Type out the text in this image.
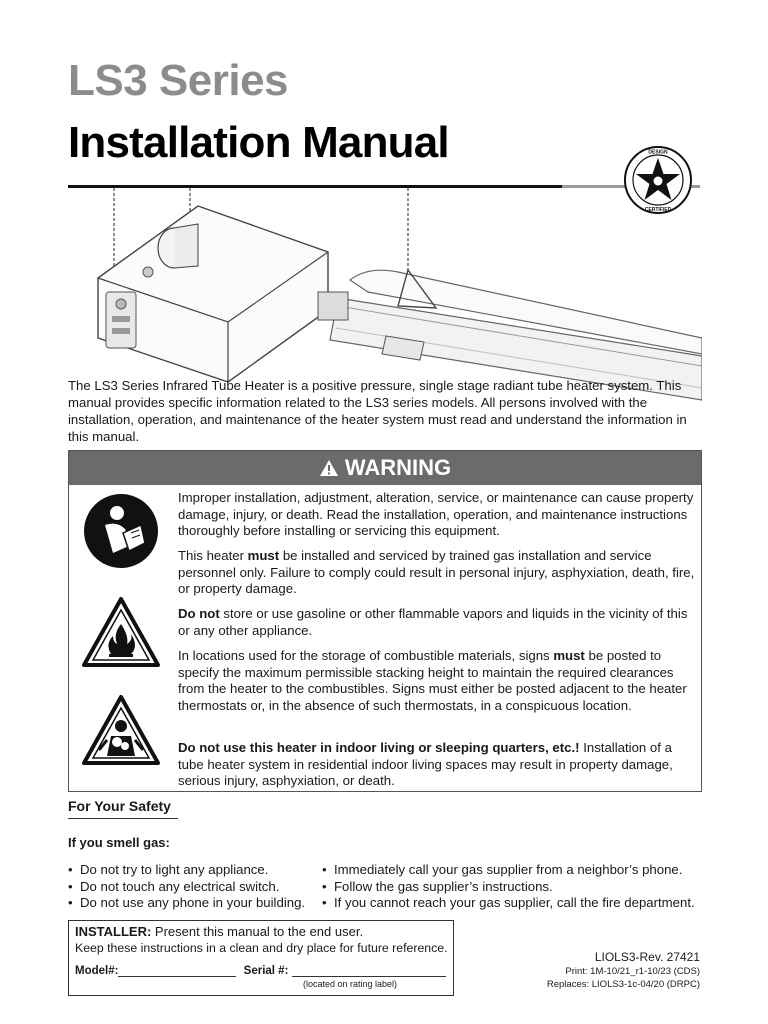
LS3 Series
Installation Manual	DESIGN
CERTIFIED
The LS3 Series Infrared Tube Heater is a positive pressure, single stage radiant tube heater system. This manual provides specific information related to the LS3 series models. All persons involved with the installation, operation, and maintenance of the heater system must read and understand the information in this manual.
WARNING

Improper installation, adjustment, alteration, service, or maintenance can cause property damage, injury, or death. Read the installation, operation, and maintenance instructions thoroughly before installing or servicing this equipment.

This heater must be installed and serviced by trained gas installation and service personnel only. Failure to comply could result in personal injury, asphyxiation, death, fire, or property damage.

Do not store or use gasoline or other flammable vapors and liquids in the vicinity of this or any other appliance.

In locations used for the storage of combustible materials, signs must be posted to specify the maximum permissible stacking height to maintain the required clearances from the heater to the combustibles. Signs must either be posted adjacent to the heater thermostats or, in the absence of such thermostats, in a conspicuous location.

Do not use this heater in indoor living or sleeping quarters, etc.! Installation of a tube heater system in residential indoor living spaces may result in property damage, serious injury, asphyxiation, or death.

For Your Safety
If you smell gas:
• Do not try to light any appliance.
• Do not touch any electrical switch.
• Do not use any phone in your building.
• Immediately call your gas supplier from a neighbor’s phone.
• Follow the gas supplier’s instructions.
• If you cannot reach your gas supplier, call the fire department.
INSTALLER: Present this manual to the end user.
Keep these instructions in a clean and dry place for future reference.
Model#:	Serial #:
(located on rating label)
LIOLS3-Rev. 27421
Print: 1M-10/21_r1-10/23 (CDS)
Replaces: LIOLS3-1c-04/20 (DRPC)
